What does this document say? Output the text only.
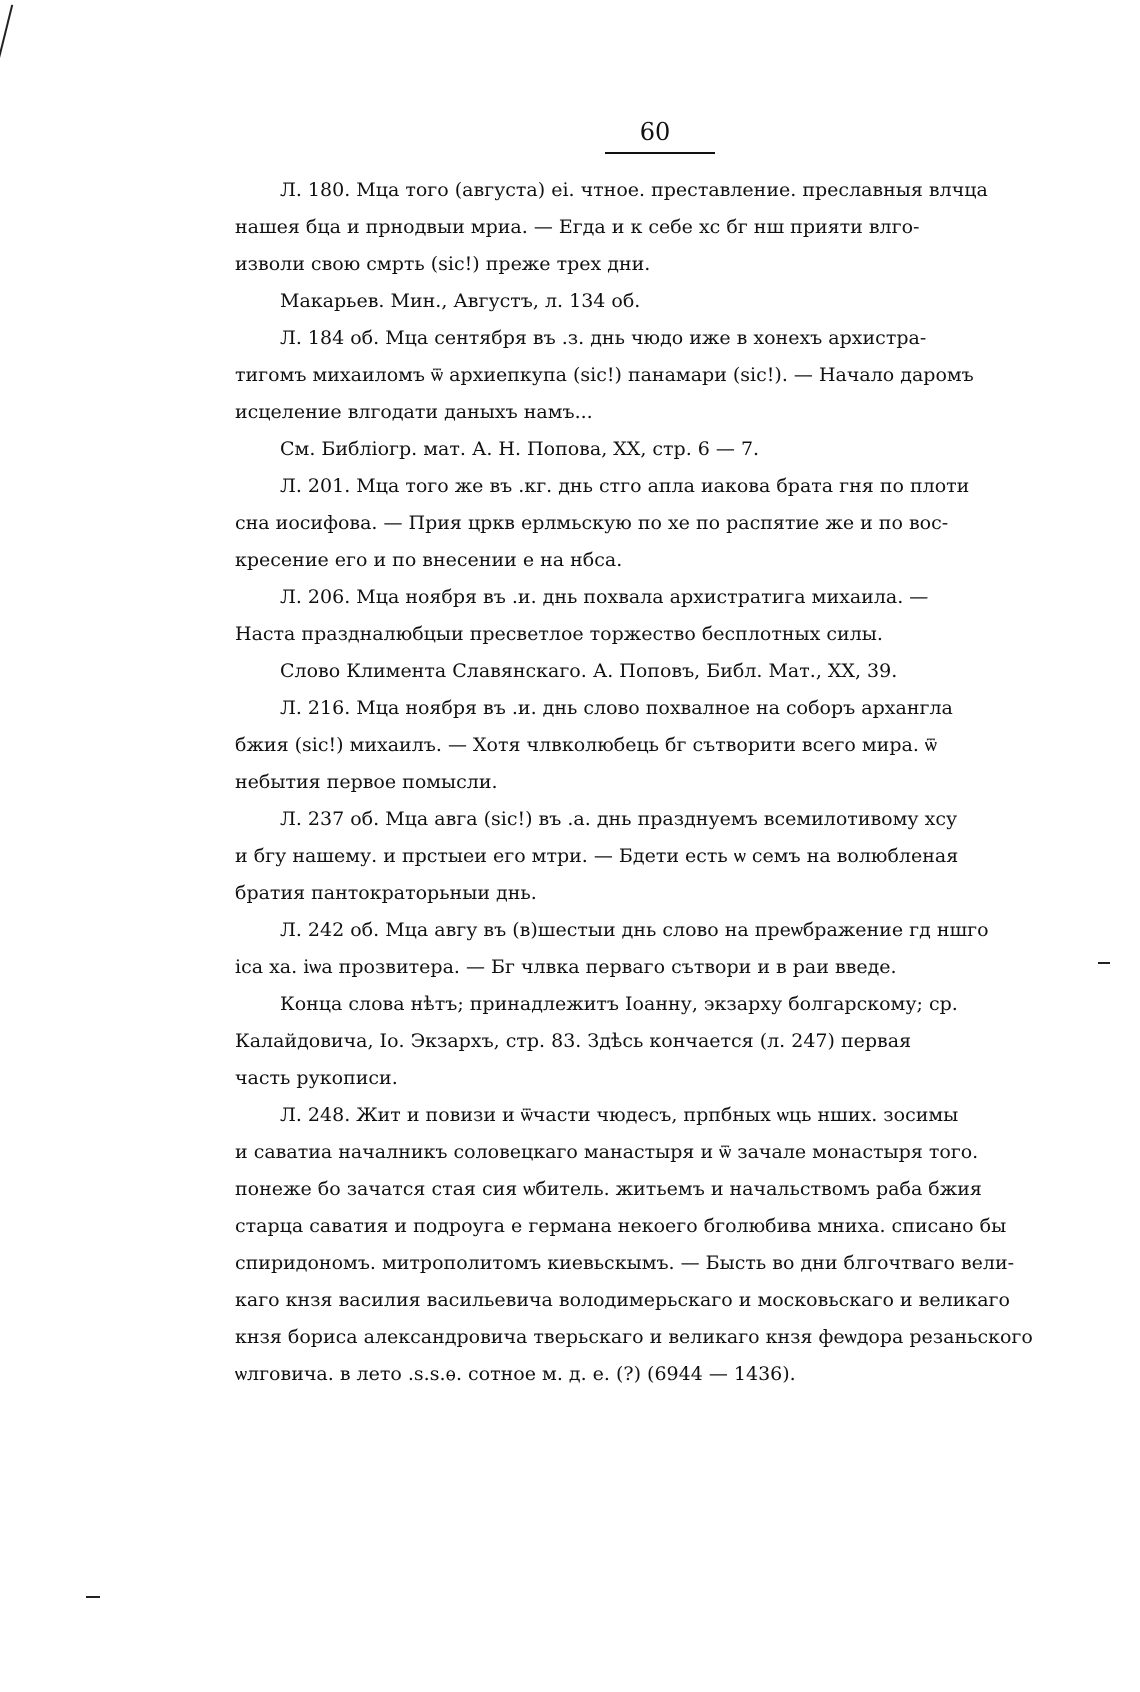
60
Л. 180. Мца того (августа) еі. чтное. преставление. преславныя влчца
нашея бца и прнодвыи мриа. — Егда и к себе хс бг нш прияти влго-
изволи свою смрть (sic!) преже трех дни.
Макарьев. Мин., Августъ, л. 134 об.
Л. 184 об. Мца сентября въ .з. днь чюдо иже в хонехъ архистра-
тигомъ михаиломъ ѿ архиепкупа (sic!) панамари (sic!). — Начало даромъ
исцеление влгодати даныхъ намъ...
См. Библiогр. мат. А. Н. Попова, XX, стр. 6 — 7.
Л. 201. Мца того же въ .кг. днь стго апла иакова брата гня по плоти
сна иосифова. — Прия цркв ерлмьскую по хе по распятие же и по вос-
кресение его и по внесении е на нбса.
Л. 206. Мца ноября въ .и. днь похвала архистратига михаила. —
Наста праздналюбцыи пресветлое торжество бесплотных силы.
Слово Климента Славянскаго. А. Поповъ, Библ. Мат., XX, 39.
Л. 216. Мца ноября въ .и. днь слово похвалное на соборъ архангла
бжия (sic!) михаилъ. — Хотя члвколюбець бг сътворити всего мира. ѿ
небытия первое помысли.
Л. 237 об. Мца авга (sic!) въ .а. днь празднуемъ всемилотивому хсу
и бгу нашему. и прстыеи его мтри. — Бдети есть ѡ семъ на волюбленая
братия пантократорьныи днь.
Л. 242 об. Мца авгу въ (в)шестыи днь слово на преѡбражение гд ншго
іса ха. іѡа прозвитера. — Бг члвка перваго сътвори и в раи введе.
Конца слова нѣтъ; принадлежитъ Іоанну, экзарху болгарскому; ср.
Калайдовича, Іо. Экзархъ, стр. 83. Здѣсь кончается (л. 247) первая
часть рукописи.
Л. 248. Жит и повизи и ѿчасти чюдесъ, прпбных ѡць нших. зосимы
и саватиа началникъ соловецкаго манастыря и ѿ зачале монастыря того.
понеже бо зачатся стая сия ѡбитель. житьемъ и начальствомъ раба бжия
старца саватия и подроуга е германа некоего бголюбива мниха. списано бы
спиридономъ. митрополитомъ киевьскымъ. — Бысть во дни блгочтваго вели-
каго кнзя василия васильевича володимерьскаго и московьскаго и великаго
кнзя бориса александровича тверьскаго и великаго кнзя феѡдора резаньского
ѡлговича. в лето .s.s.ѳ. сотное м. д. е. (?) (6944 — 1436).
